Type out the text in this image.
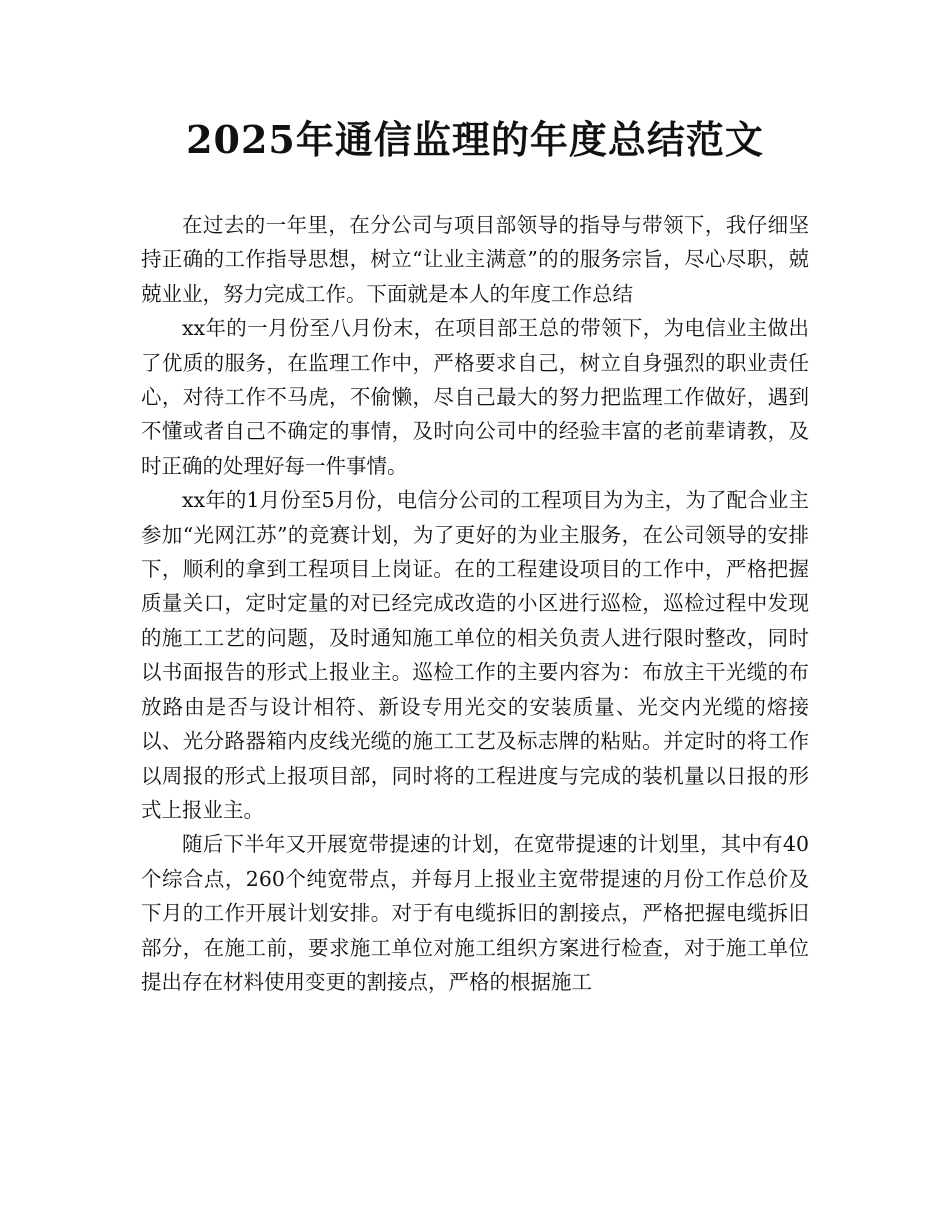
2025年通信监理的年度总结范文

在过去的一年里，在分公司与项目部领导的指导与带领下，我仔细坚持正确的工作指导思想，树立“让业主满意”的的服务宗旨，尽心尽职，兢兢业业，努力完成工作。下面就是本人的年度工作总结

xx年的一月份至八月份末，在项目部王总的带领下，为电信业主做出了优质的服务，在监理工作中，严格要求自己，树立自身强烈的职业责任心，对待工作不马虎，不偷懒，尽自己最大的努力把监理工作做好，遇到不懂或者自己不确定的事情，及时向公司中的经验丰富的老前辈请教，及时正确的处理好每一件事情。

xx年的1月份至5月份，电信分公司的工程项目为为主，为了配合业主参加“光网江苏”的竞赛计划，为了更好的为业主服务，在公司领导的安排下，顺利的拿到工程项目上岗证。在的工程建设项目的工作中，严格把握质量关口，定时定量的对已经完成改造的小区进行巡检，巡检过程中发现的施工工艺的问题，及时通知施工单位的相关负责人进行限时整改，同时以书面报告的形式上报业主。巡检工作的主要内容为：布放主干光缆的布放路由是否与设计相符、新设专用光交的安装质量、光交内光缆的熔接以、光分路器箱内皮线光缆的施工工艺及标志牌的粘贴。并定时的将工作以周报的形式上报项目部，同时将的工程进度与完成的装机量以日报的形式上报业主。

随后下半年又开展宽带提速的计划，在宽带提速的计划里，其中有40个综合点，260个纯宽带点，并每月上报业主宽带提速的月份工作总价及下月的工作开展计划安排。对于有电缆拆旧的割接点，严格把握电缆拆旧部分，在施工前，要求施工单位对施工组织方案进行检查，对于施工单位提出存在材料使用变更的割接点，严格的根据施工
